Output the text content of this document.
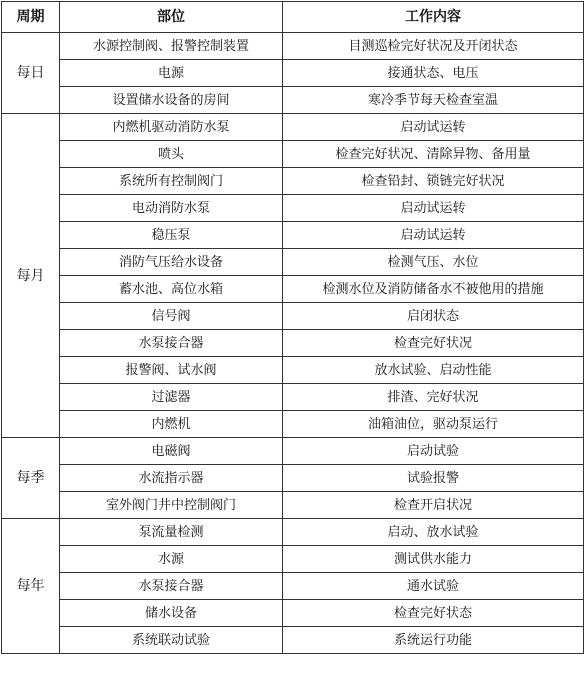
周期	部位	工作内容
每日	水源控制阀、报警控制装置	目测巡检完好状况及开闭状态
	电源	接通状态、电压
	设置储水设备的房间	寒冷季节每天检查室温
每月	内燃机驱动消防水泵	启动试运转
	喷头	检查完好状况、清除异物、备用量
	系统所有控制阀门	检查铅封、锁链完好状况
	电动消防水泵	启动试运转
	稳压泵	启动试运转
	消防气压给水设备	检测气压、水位
	蓄水池、高位水箱	检测水位及消防储备水不被他用的措施
	信号阀	启闭状态
	水泵接合器	检查完好状况
	报警阀、试水阀	放水试验、启动性能
	过滤器	排渣、完好状况
	内燃机	油箱油位，驱动泵运行
每季	电磁阀	启动试验
	水流指示器	试验报警
	室外阀门井中控制阀门	检查开启状况
每年	泵流量检测	启动、放水试验
	水源	测试供水能力
	水泵接合器	通水试验
	储水设备	检查完好状态
	系统联动试验	系统运行功能
